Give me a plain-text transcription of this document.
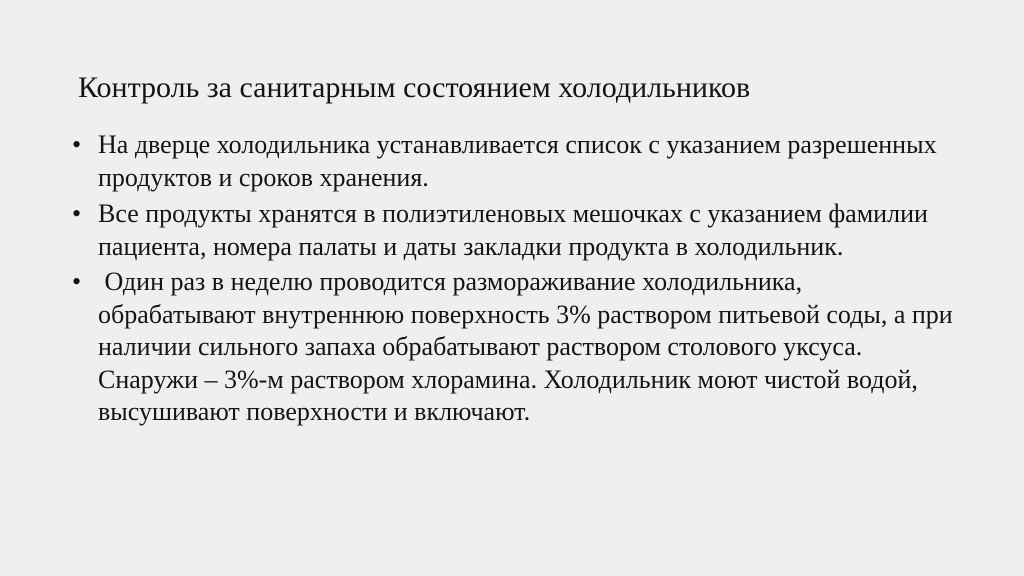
Контроль за санитарным состоянием холодильников
• На дверце холодильника устанавливается список с указанием разрешенных продуктов и сроков хранения.
• Все продукты хранятся в полиэтиленовых мешочках с указанием фамилии пациента, номера палаты и даты закладки продукта в холодильник.
• Один раз в неделю проводится размораживание холодильника, обрабатывают внутреннюю поверхность 3% раствором питьевой соды, а при наличии сильного запаха обрабатывают раствором столового уксуса. Снаружи – 3%-м раствором хлорамина. Холодильник моют чистой водой, высушивают поверхности и включают.
